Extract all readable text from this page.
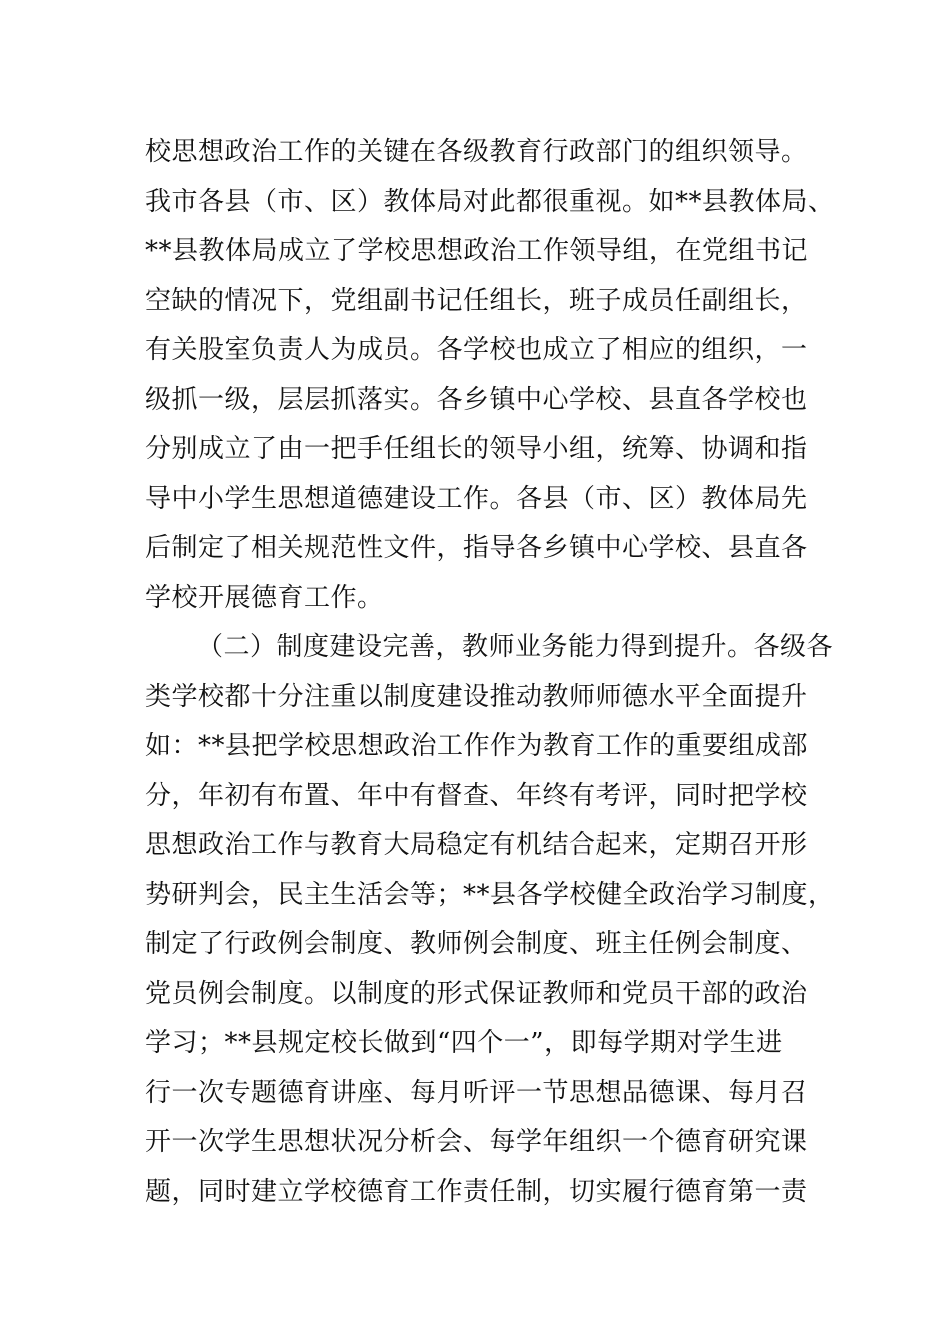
校思想政治工作的关键在各级教育行政部门的组织领导。
我市各县（市、区）教体局对此都很重视。如**县教体局、
**县教体局成立了学校思想政治工作领导组，在党组书记
空缺的情况下，党组副书记任组长，班子成员任副组长，
有关股室负责人为成员。各学校也成立了相应的组织，一
级抓一级，层层抓落实。各乡镇中心学校、县直各学校也
分别成立了由一把手任组长的领导小组，统筹、协调和指
导中小学生思想道德建设工作。各县（市、区）教体局先
后制定了相关规范性文件，指导各乡镇中心学校、县直各
学校开展德育工作。
（二）制度建设完善，教师业务能力得到提升。各级各
类学校都十分注重以制度建设推动教师师德水平全面提升
如：**县把学校思想政治工作作为教育工作的重要组成部
分，年初有布置、年中有督查、年终有考评，同时把学校
思想政治工作与教育大局稳定有机结合起来，定期召开形
势研判会，民主生活会等；**县各学校健全政治学习制度，
制定了行政例会制度、教师例会制度、班主任例会制度、
党员例会制度。以制度的形式保证教师和党员干部的政治
学习；**县规定校长做到“四个一”，即每学期对学生进
行一次专题德育讲座、每月听评一节思想品德课、每月召
开一次学生思想状况分析会、每学年组织一个德育研究课
题，同时建立学校德育工作责任制，切实履行德育第一责
